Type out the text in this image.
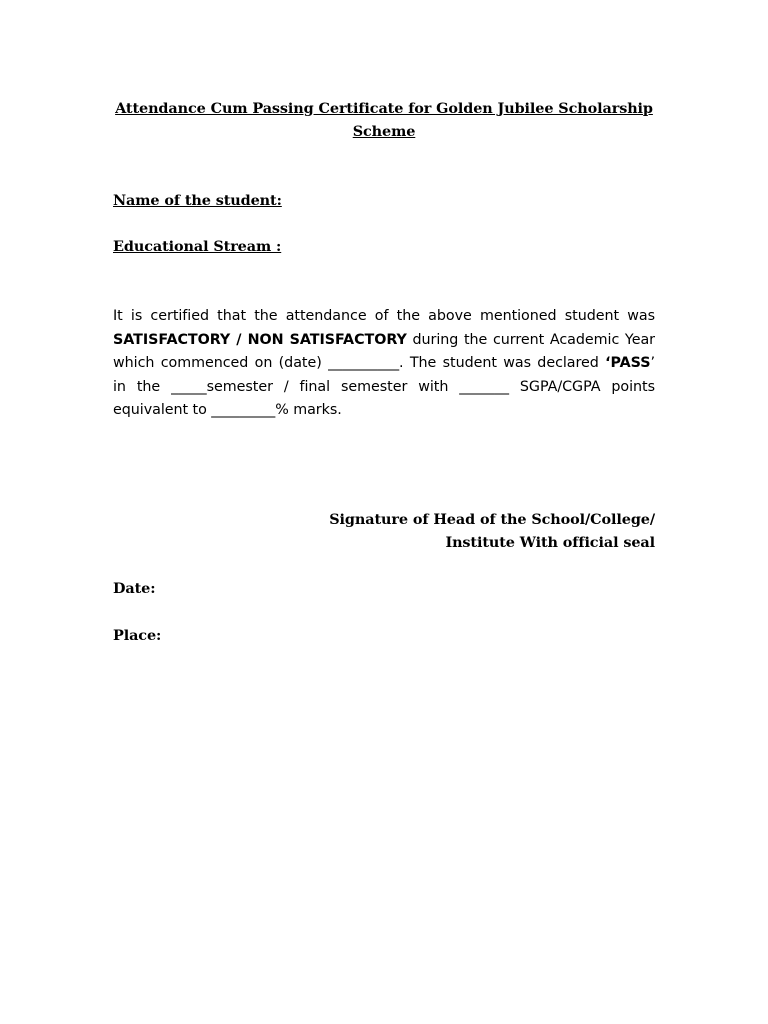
Attendance Cum Passing Certificate for Golden Jubilee Scholarship
Scheme
Name of the student:
Educational Stream :
It is certified that the attendance of the above mentioned student was SATISFACTORY / NON SATISFACTORY during the current Academic Year which commenced on (date) __________. The student was declared ‘PASS’ in the _____semester / final semester with _______ SGPA/CGPA points equivalent to _________% marks.
Signature of Head of the School/College/
Institute With official seal
Date:
Place:
